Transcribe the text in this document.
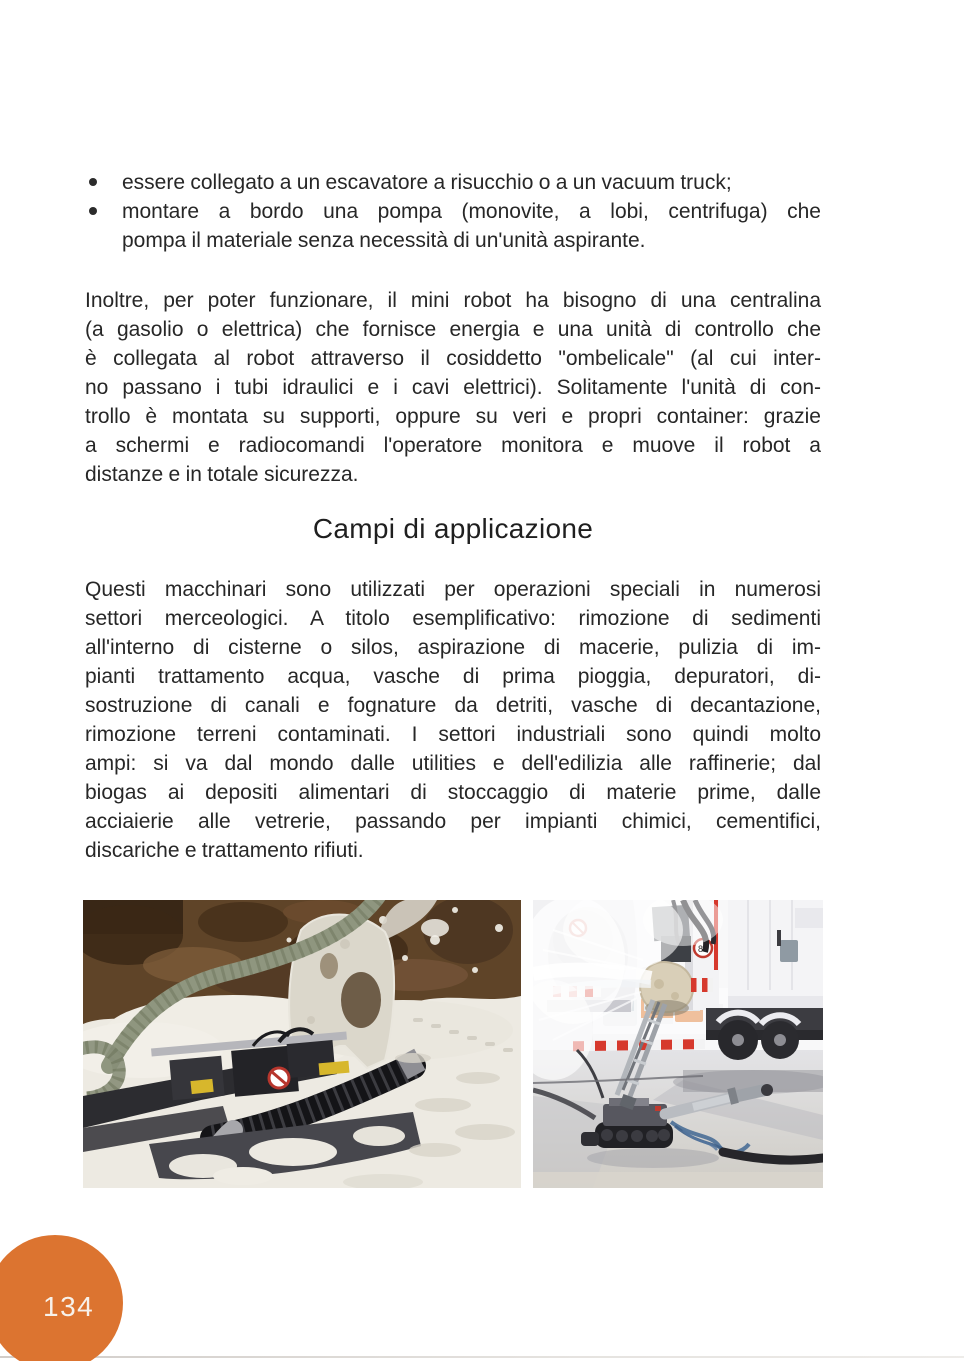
essere collegato a un escavatore a risucchio o a un vacuum truck;
montare a bordo una pompa (monovite, a lobi, centrifuga) che
pompa il materiale senza necessità di un'unità aspirante.
Inoltre, per poter funzionare, il mini robot ha bisogno di una centralina
(a gasolio o elettrica) che fornisce energia e una unità di controllo che
è collegata al robot attraverso il cosiddetto "ombelicale" (al cui inter-
no passano i tubi idraulici e i cavi elettrici). Solitamente l'unità di con-
trollo è montata su supporti, oppure su veri e propri container: grazie
a schermi e radiocomandi l'operatore monitora e muove il robot a
distanze e in totale sicurezza.
Campi di applicazione
Questi macchinari sono utilizzati per operazioni speciali in numerosi
settori merceologici. A titolo esemplificativo: rimozione di sedimenti
all'interno di cisterne o silos, aspirazione di macerie, pulizia di im-
pianti trattamento acqua, vasche di prima pioggia, depuratori, di-
sostruzione di canali e fognature da detriti, vasche di decantazione,
rimozione terreni contaminati. I settori industriali sono quindi molto
ampi: si va dal mondo dalle utilities e dell'edilizia alle raffinerie; dal
biogas ai depositi alimentari di stoccaggio di materie prime, dalle
acciaierie alle vetrerie, passando per impianti chimici, cementifici,
discariche e trattamento rifiuti.
80
134
